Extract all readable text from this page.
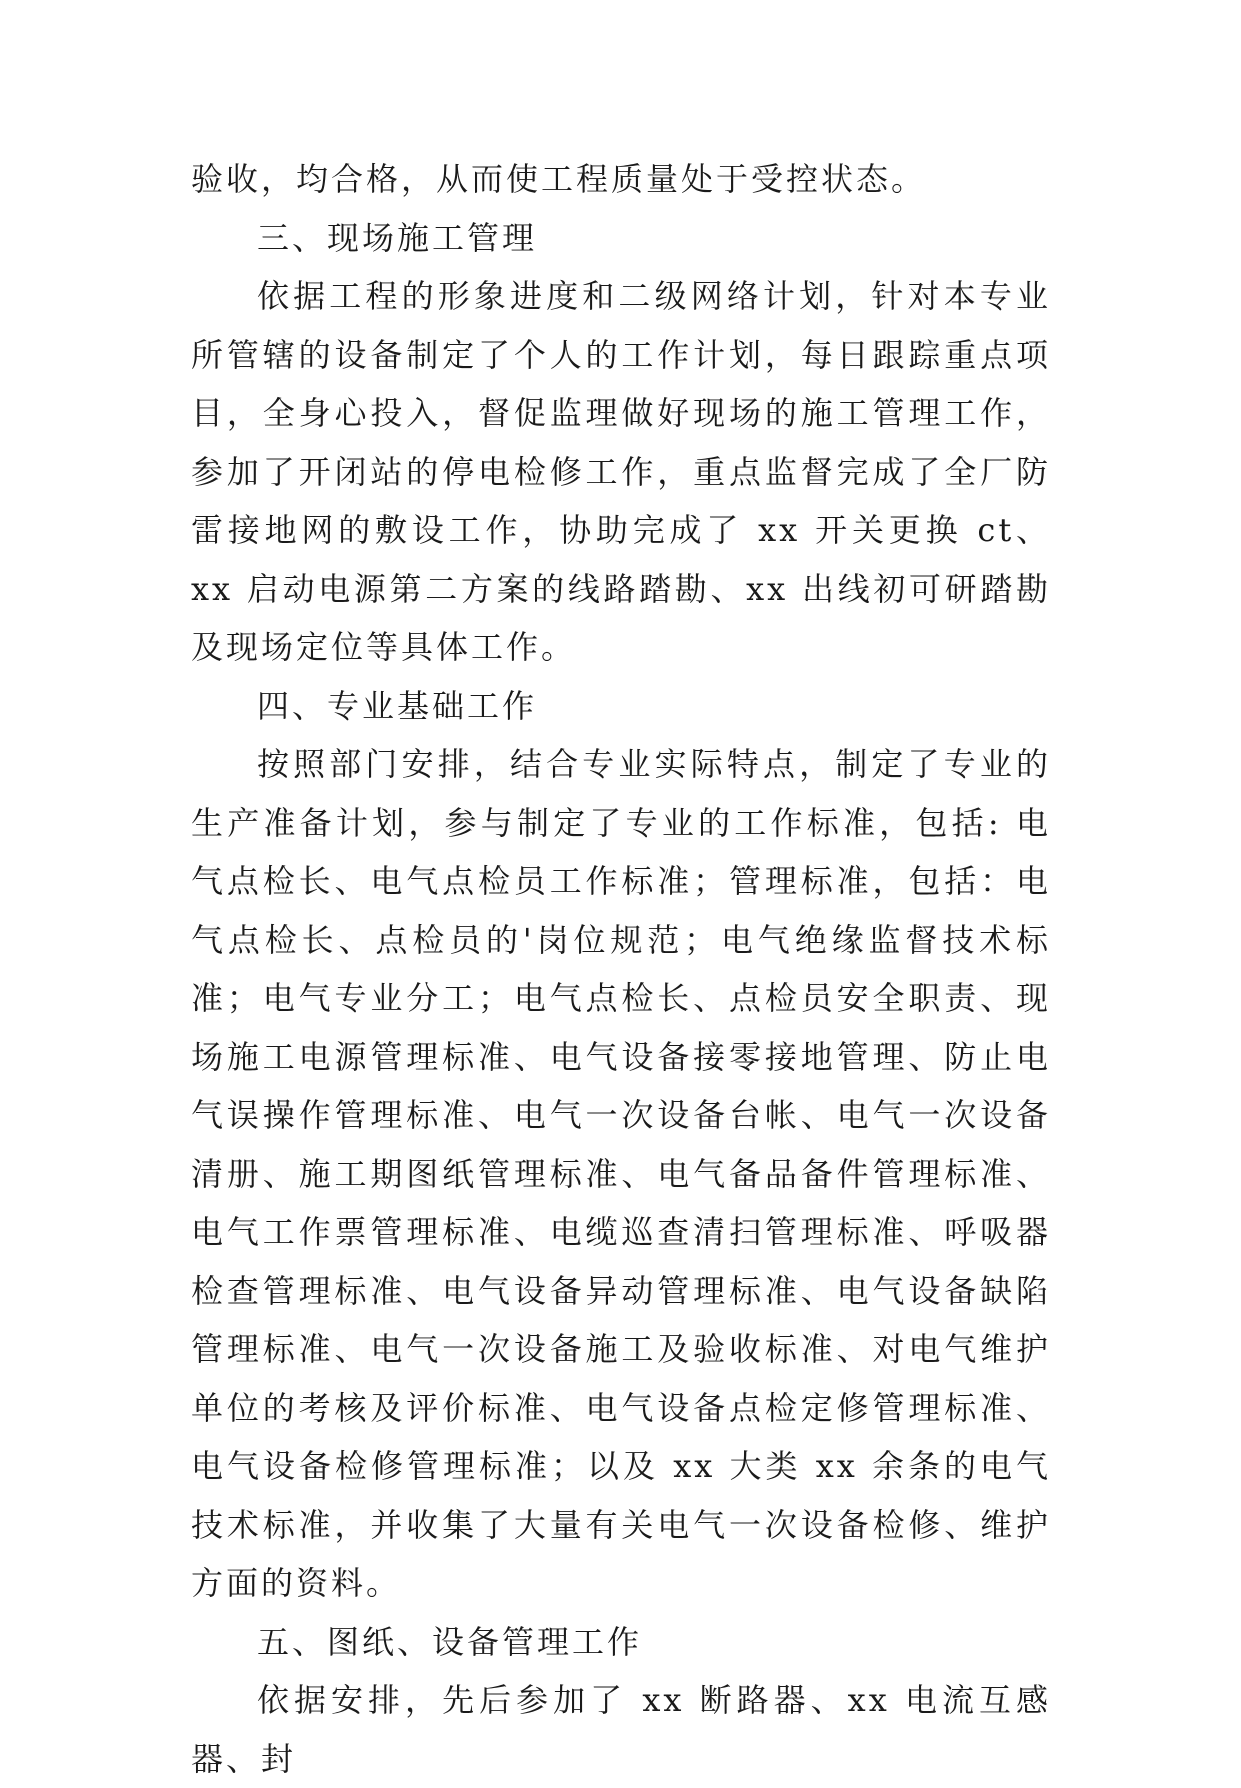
验收，均合格，从而使工程质量处于受控状态。

三、现场施工管理

依据工程的形象进度和二级网络计划，针对本专业所管辖的设备制定了个人的工作计划，每日跟踪重点项目，全身心投入，督促监理做好现场的施工管理工作，参加了开闭站的停电检修工作，重点监督完成了全厂防雷接地网的敷设工作，协助完成了 xx 开关更换 ct、xx 启动电源第二方案的线路踏勘、xx 出线初可研踏勘及现场定位等具体工作。

四、专业基础工作

按照部门安排，结合专业实际特点，制定了专业的生产准备计划，参与制定了专业的工作标准，包括: 电气点检长、电气点检员工作标准；管理标准，包括：电气点检长、点检员的'岗位规范；电气绝缘监督技术标准；电气专业分工；电气点检长、点检员安全职责、现场施工电源管理标准、电气设备接零接地管理、防止电气误操作管理标准、电气一次设备台帐、电气一次设备清册、施工期图纸管理标准、电气备品备件管理标准、电气工作票管理标准、电缆巡查清扫管理标准、呼吸器检查管理标准、电气设备异动管理标准、电气设备缺陷管理标准、电气一次设备施工及验收标准、对电气维护单位的考核及评价标准、电气设备点检定修管理标准、电气设备检修管理标准；以及 xx 大类 xx 余条的电气技术标准，并收集了大量有关电气一次设备检修、维护方面的资料。

五、图纸、设备管理工作

依据安排，先后参加了 xx 断路器、xx 电流互感器、封
